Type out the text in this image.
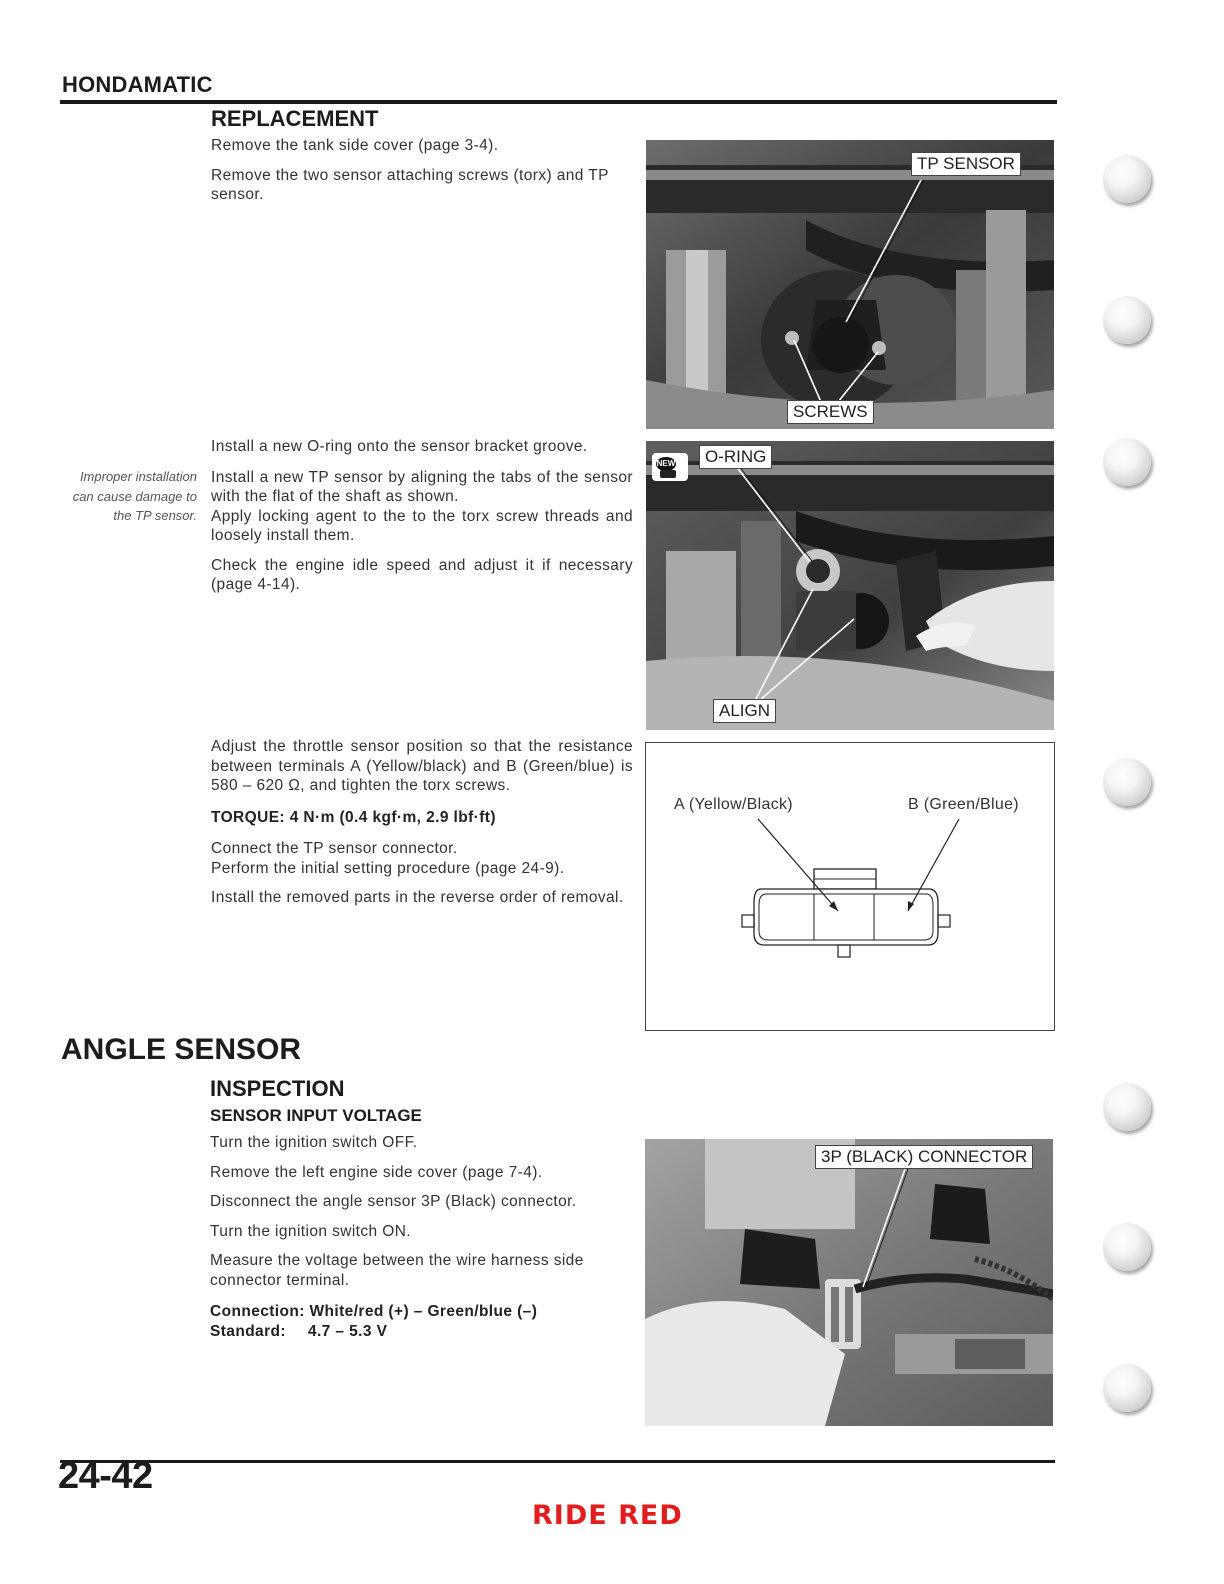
HONDAMATIC
REPLACEMENT

Remove the tank side cover (page 3-4).

Remove the two sensor attaching screws (torx) and TP sensor.

Install a new O-ring onto the sensor bracket groove.

Install a new TP sensor by aligning the tabs of the sensor with the flat of the shaft as shown.

Apply locking agent to the to the torx screw threads and loosely install them.

Check the engine idle speed and adjust it if necessary (page 4-14).

Improper installation can cause damage to the TP sensor.

Adjust the throttle sensor position so that the resistance between terminals A (Yellow/black) and B (Green/blue) is 580 – 620 Ω, and tighten the torx screws.

TORQUE: 4 N·m (0.4 kgf·m, 2.9 lbf·ft)

Connect the TP sensor connector.
Perform the initial setting procedure (page 24-9).

Install the removed parts in the reverse order of removal.

TP SENSOR
SCREWS
NEW	O-RING
ALIGN
A (Yellow/Black)	B (Green/Blue)
ANGLE SENSOR
INSPECTION
SENSOR INPUT VOLTAGE

Turn the ignition switch OFF.

Remove the left engine side cover (page 7-4).

Disconnect the angle sensor 3P (Black) connector.

Turn the ignition switch ON.

Measure the voltage between the wire harness side connector terminal.

Connection: White/red (+) – Green/blue (–)

Standard: 4.7 – 5.3 V

3P (BLACK) CONNECTOR
24-42
RIDE RED
